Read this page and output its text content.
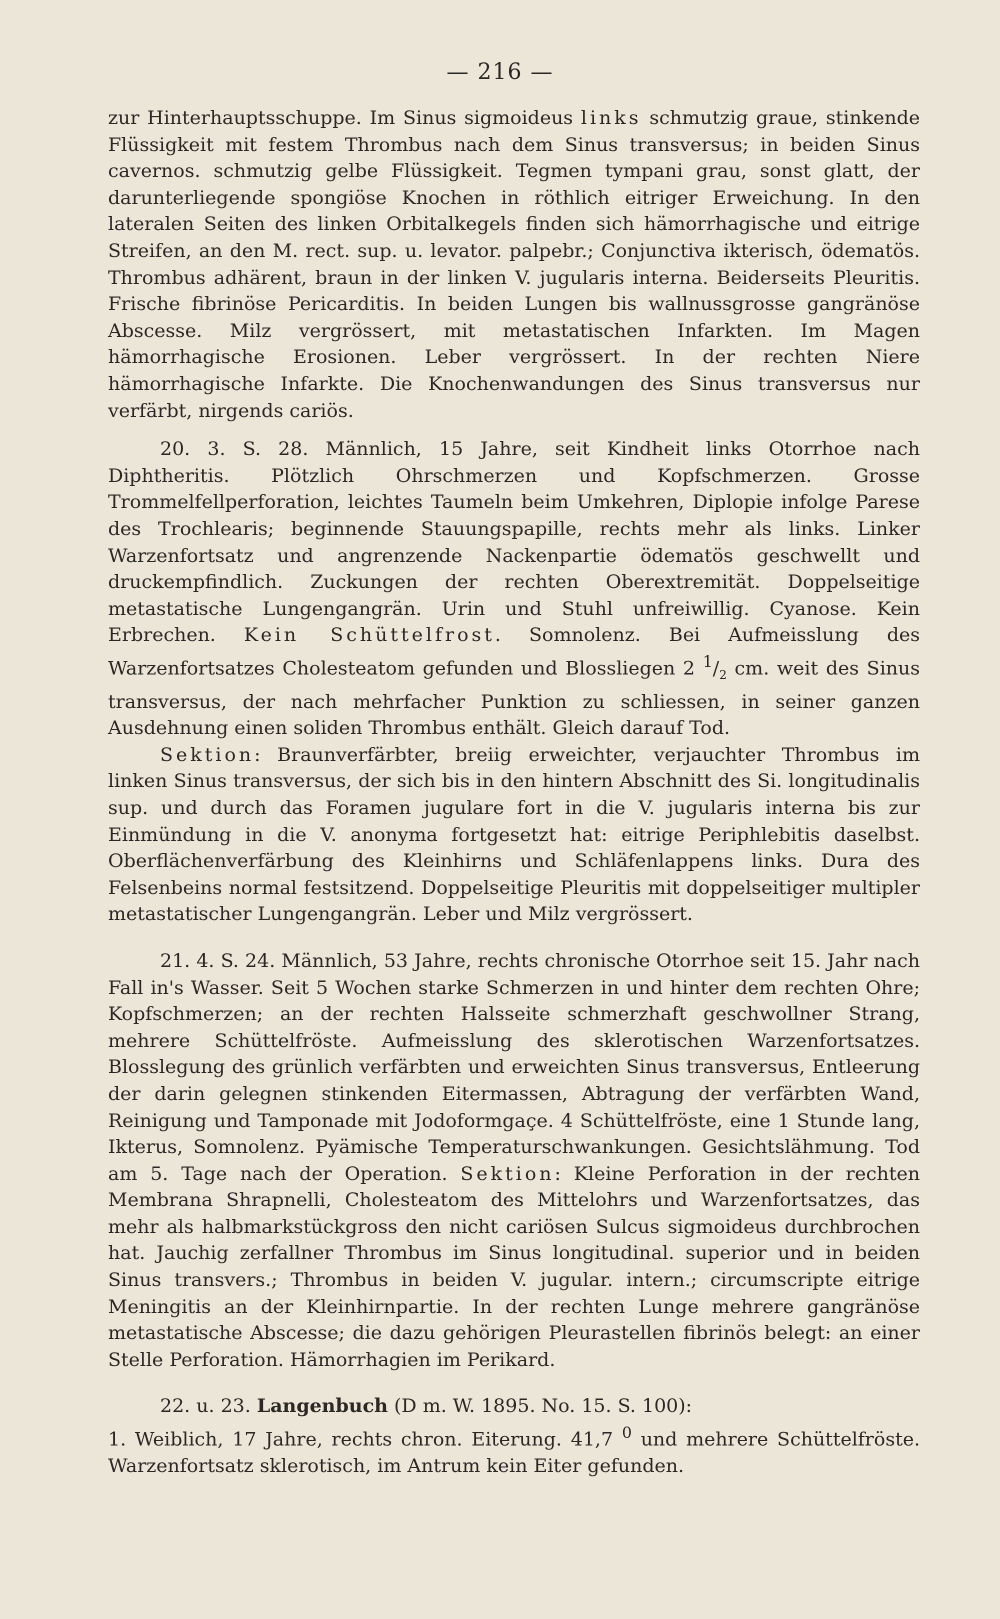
— 216 —

zur Hinterhauptsschuppe. Im Sinus sigmoideus links schmutzig graue, stinkende Flüssigkeit mit festem Thrombus nach dem Sinus transversus; in beiden Sinus cavernos. schmutzig gelbe Flüssigkeit. Tegmen tympani grau, sonst glatt, der darunterliegende spongiöse Knochen in röthlich eitriger Erweichung. In den lateralen Seiten des linken Orbitalkegels finden sich hämorrhagische und eitrige Streifen, an den M. rect. sup. u. levator. palpebr.; Conjunctiva ikterisch, ödematös. Thrombus adhärent, braun in der linken V. jugularis interna. Beiderseits Pleuritis. Frische fibrinöse Pericarditis. In beiden Lungen bis wallnussgrosse gangränöse Abscesse. Milz vergrössert, mit metastatischen Infarkten. Im Magen hämorrhagische Erosionen. Leber vergrössert. In der rechten Niere hämorrhagische Infarkte. Die Knochenwandungen des Sinus transversus nur verfärbt, nirgends cariös.

20. 3. S. 28. Männlich, 15 Jahre, seit Kindheit links Otorrhoe nach Diphtheritis. Plötzlich Ohrschmerzen und Kopfschmerzen. Grosse Trommelfellperforation, leichtes Taumeln beim Umkehren, Diplopie infolge Parese des Trochlearis; beginnende Stauungspapille, rechts mehr als links. Linker Warzenfortsatz und angrenzende Nackenpartie ödematös geschwellt und druckempfindlich. Zuckungen der rechten Oberextremität. Doppelseitige metastatische Lungengangrän. Urin und Stuhl unfreiwillig. Cyanose. Kein Erbrechen. Kein Schüttelfrost. Somnolenz. Bei Aufmeisslung des Warzenfortsatzes Cholesteatom gefunden und Blossliegen 2 $^1/_2$ cm. weit des Sinus transversus, der nach mehrfacher Punktion zu schliessen, in seiner ganzen Ausdehnung einen soliden Thrombus enthält. Gleich darauf Tod.

Sektion: Braunverfärbter, breiig erweichter, verjauchter Thrombus im linken Sinus transversus, der sich bis in den hintern Abschnitt des Si. longitudinalis sup. und durch das Foramen jugulare fort in die V. jugularis interna bis zur Einmündung in die V. anonyma fortgesetzt hat: eitrige Periphlebitis daselbst. Oberflächenverfärbung des Kleinhirns und Schläfenlappens links. Dura des Felsenbeins normal festsitzend. Doppelseitige Pleuritis mit doppelseitiger multipler metastatischer Lungengangrän. Leber und Milz vergrössert.

21. 4. S. 24. Männlich, 53 Jahre, rechts chronische Otorrhoe seit 15. Jahr nach Fall in's Wasser. Seit 5 Wochen starke Schmerzen in und hinter dem rechten Ohre; Kopfschmerzen; an der rechten Halsseite schmerzhaft geschwollner Strang, mehrere Schüttelfröste. Aufmeisslung des sklerotischen Warzenfortsatzes. Blosslegung des grünlich verfärbten und erweichten Sinus transversus, Entleerung der darin gelegnen stinkenden Eitermassen, Abtragung der verfärbten Wand, Reinigung und Tamponade mit Jodoformgaçe. 4 Schüttelfröste, eine 1 Stunde lang, Ikterus, Somnolenz. Pyämische Temperaturschwankungen. Gesichtslähmung. Tod am 5. Tage nach der Operation. Sektion: Kleine Perforation in der rechten Membrana Shrapnelli, Cholesteatom des Mittelohrs und Warzenfortsatzes, das mehr als halbmarkstückgross den nicht cariösen Sulcus sigmoideus durchbrochen hat. Jauchig zerfallner Thrombus im Sinus longitudinal. superior und in beiden Sinus transvers.; Thrombus in beiden V. jugular. intern.; circumscripte eitrige Meningitis an der Kleinhirnpartie. In der rechten Lunge mehrere gangränöse metastatische Abscesse; die dazu gehörigen Pleurastellen fibrinös belegt: an einer Stelle Perforation. Hämorrhagien im Perikard.

22. u. 23. Langenbuch (D m. W. 1895. No. 15. S. 100):

1. Weiblich, 17 Jahre, rechts chron. Eiterung. 41,7 $^0$ und mehrere Schüttelfröste. Warzenfortsatz sklerotisch, im Antrum kein Eiter gefunden.
